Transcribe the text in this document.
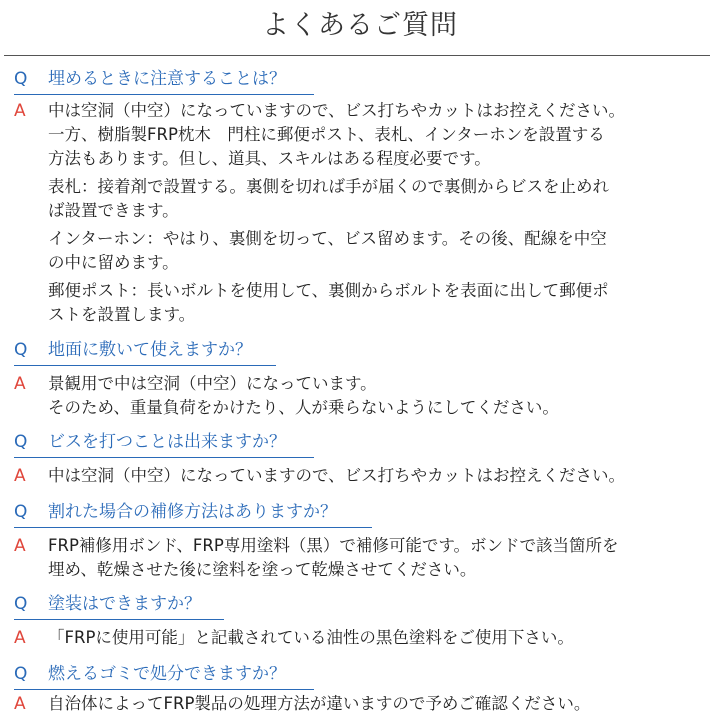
よくあるご質問
Q 埋めるときに注意することは？
A 中は空洞（中空）になっていますので、ビス打ちやカットはお控えください。
一方、樹脂製FRP枕木　門柱に郵便ポスト、表札、インターホンを設置する
方法もあります。但し、道具、スキルはある程度必要です。

表札：接着剤で設置する。裏側を切れば手が届くので裏側からビスを止めれ
ば設置できます。

インターホン：やはり、裏側を切って、ビス留めます。その後、配線を中空
の中に留めます。

郵便ポスト：長いボルトを使用して、裏側からボルトを表面に出して郵便ポ
ストを設置します。

Q 地面に敷いて使えますか？
A 景観用で中は空洞（中空）になっています。
そのため、重量負荷をかけたり、人が乗らないようにしてください。

Q ビスを打つことは出来ますか？
A 中は空洞（中空）になっていますので、ビス打ちやカットはお控えください。

Q 割れた場合の補修方法はありますか？
A FRP補修用ボンド、FRP専用塗料（黒）で補修可能です。ボンドで該当箇所を
埋め、乾燥させた後に塗料を塗って乾燥させてください。

Q 塗装はできますか？
A 「FRPに使用可能」と記載されている油性の黒色塗料をご使用下さい。

Q 燃えるゴミで処分できますか？
A 自治体によってFRP製品の処理方法が違いますので予めご確認ください。
